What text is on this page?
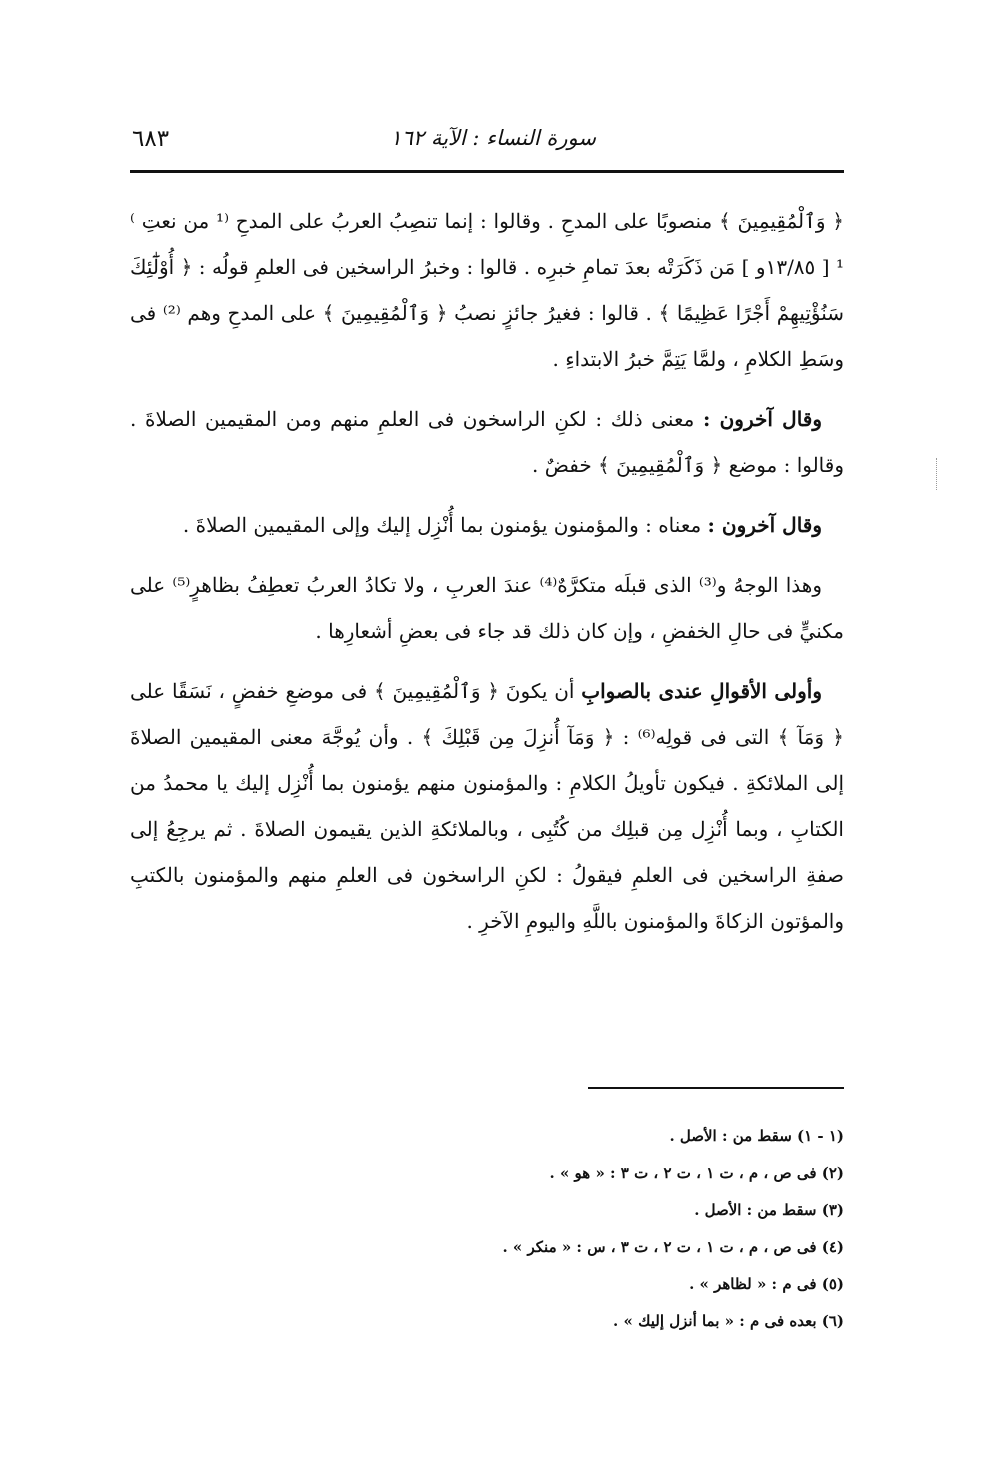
سورة النساء : الآية ١٦٢
٦٨٣

﴿ وَٱلْمُقِيمِينَ ﴾ منصوبًا على المدحِ . وقالوا : إنما تنصِبُ العربُ على المدحِ ⁽¹ من نعتِ ⁾¹ [ ١٣/٨٥و ] مَن ذَكَرَتْه بعدَ تمامِ خبرِه . قالوا : وخبرُ الراسخين فى العلمِ قولُه : ﴿ أُوْلَٰٓئِكَ سَنُؤْتِيهِمْ أَجْرًا عَظِيمًا ﴾ . قالوا : فغيرُ جائزٍ نصبُ ﴿ وَٱلْمُقِيمِينَ ﴾ على المدحِ وهم ⁽²⁾ فى وسَطِ الكلامِ ، ولمَّا يَتِمَّ خبرُ الابتداءِ .

وقال آخرون : معنى ذلك : لكنِ الراسخون فى العلمِ منهم ومن المقيمين الصلاةَ . وقالوا : موضع ﴿ وَٱلْمُقِيمِينَ ﴾ خفضٌ .

وقال آخرون : معناه : والمؤمنون يؤمنون بما أُنْزِل إليك وإلى المقيمين الصلاةَ .

وهذا الوجهُ و⁽³⁾ الذى قبلَه متكرَّهٌ⁽⁴⁾ عندَ العربِ ، ولا تكادُ العربُ تعطِفُ بظاهرٍ⁽⁵⁾ على مكنيٍّ فى حالِ الخفضِ ، وإن كان ذلك قد جاء فى بعضِ أشعارِها .

وأولى الأقوالِ عندى بالصوابِ أن يكونَ ﴿ وَٱلْمُقِيمِينَ ﴾ فى موضعِ خفضٍ ، نَسَقًا على ﴿ وَمَآ ﴾ التى فى قولِه⁽⁶⁾ : ﴿ وَمَآ أُنزِلَ مِن قَبْلِكَ ﴾ . وأن يُوجَّهَ معنى المقيمين الصلاةَ إلى الملائكةِ . فيكون تأويلُ الكلامِ : والمؤمنون منهم يؤمنون بما أُنْزِل إليك يا محمدُ من الكتابِ ، وبما أُنْزِل مِن قبلِك من كُتُبِى ، وبالملائكةِ الذين يقيمون الصلاةَ . ثم يرجِعُ إلى صفةِ الراسخين فى العلمِ فيقولُ : لكنِ الراسخون فى العلمِ منهم والمؤمنون بالكتبِ والمؤتون الزكاةَ والمؤمنون باللَّهِ واليومِ الآخرِ .

(١ - ١) سقط من : الأصل .
(٢) فى ص ، م ، ت ١ ، ت ٢ ، ت ٣ : « هو » .
(٣) سقط من : الأصل .
(٤) فى ص ، م ، ت ١ ، ت ٢ ، ت ٣ ، س : « منكر » .
(٥) فى م : « لظاهر » .
(٦) بعده فى م : « بما أنزل إليك » .
